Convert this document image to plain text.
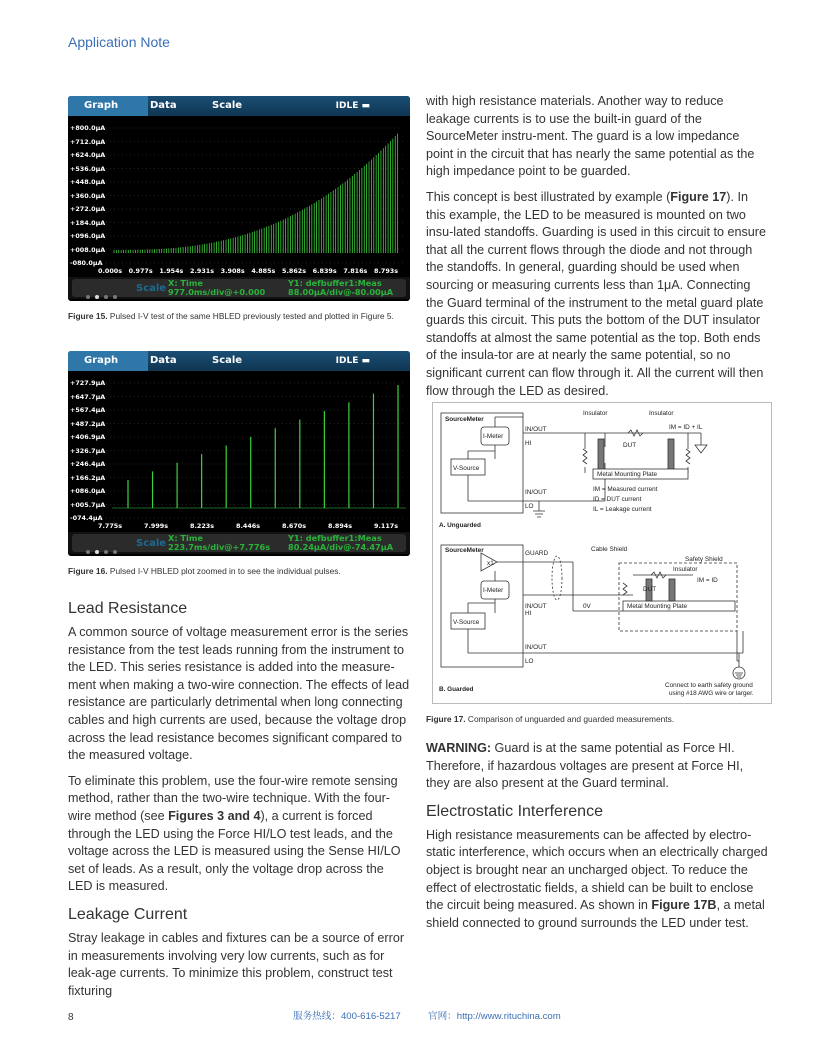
Application Note
Graph	Data	Scale	IDLE ▬
+800.0μA
+712.0μA
+624.0μA
+536.0μA
+448.0μA
+360.0μA
+272.0μA
+184.0μA
+096.0μA
+008.0μA
-080.0μA
0.000s 0.977s 1.954s 2.931s 3.908s 4.885s 5.862s 6.839s 7.816s 8.793s
Scale X: Time
977.0ms/div@+0.000
Y1: defbuffer1:Meas
88.00μA/div@-80.00μA
Figure 15. Pulsed I-V test of the same HBLED previously tested and plotted in Figure 5.
Graph	Data	Scale	IDLE ▬
+727.9μA
+647.7μA
+567.4μA
+487.2μA
+406.9μA
+326.7μA
+246.4μA
+166.2μA
+086.0μA
+005.7μA
-074.4μA
7.775s	7.999s	8.223s	8.446s	8.670s	8.894s	9.117s
Scale X: Time
223.7ms/div@+7.776s
Y1: defbuffer1:Meas
80.24μA/div@-74.47μA
Figure 16. Pulsed I-V HBLED plot zoomed in to see the individual pulses.
Lead Resistance

A common source of voltage measurement error is the series resistance from the test leads running from the instrument to the LED. This series resistance is added into the measure-ment when making a two-wire connection. The effects of lead resistance are particularly detrimental when long connecting cables and high currents are used, because the voltage drop across the lead resistance becomes significant compared to the measured voltage.

To eliminate this problem, use the four-wire remote sensing method, rather than the two-wire technique. With the four-wire method (see Figures 3 and 4), a current is forced through the LED using the Force HI/LO test leads, and the voltage across the LED is measured using the Sense HI/LO set of leads. As a result, only the voltage drop across the LED is measured.

Leakage Current

Stray leakage in cables and fixtures can be a source of error in measurements involving very low currents, such as for leak-age currents. To minimize this problem, construct test fixturing

with high resistance materials. Another way to reduce leakage currents is to use the built-in guard of the SourceMeter instru-ment. The guard is a low impedance point in the circuit that has nearly the same potential as the high impedance point to be guarded.

This concept is best illustrated by example (Figure 17). In this example, the LED to be measured is mounted on two insu-lated standoffs. Guarding is used in this circuit to ensure that all the current flows through the diode and not through the standoffs. In general, guarding should be used when sourcing or measuring currents less than 1μA. Connecting the Guard terminal of the instrument to the metal guard plate guards this circuit. This puts the bottom of the DUT insulator standoffs at almost the same potential as the top. Both ends of the insula-tor are at nearly the same potential, so no significant current can flow through it. All the current will then flow through the LED as desired.

SourceMeter
I-Meter
V-Source
IN/OUT
HI
IN/OUT
LO
Insulator	Insulator
DUT
IM = ID + IL
Metal Mounting Plate
IM = Measured current
ID = DUT current
IL = Leakage current
A. Unguarded
SourceMeter
x1
I-Meter
V-Source
GUARD
Cable Shield
Safety Shield
Insulator
IM = ID
DUT
IN/OUT
HI
0V	Metal Mounting Plate
IN/OUT
LO
Connect to earth safety ground
using #18 AWG wire or larger.
B. Guarded
Figure 17. Comparison of unguarded and guarded measurements.

WARNING: Guard is at the same potential as Force HI. Therefore, if hazardous voltages are present at Force HI, they are also present at the Guard terminal.

Electrostatic Interference

High resistance measurements can be affected by electro-static interference, which occurs when an electrically charged object is brought near an uncharged object. To reduce the effect of electrostatic fields, a shield can be built to enclose the circuit being measured. As shown in Figure 17B, a metal shield connected to ground surrounds the LED under test.

8	服务热线：400-616-5217	官网：http://www.rituchina.com
